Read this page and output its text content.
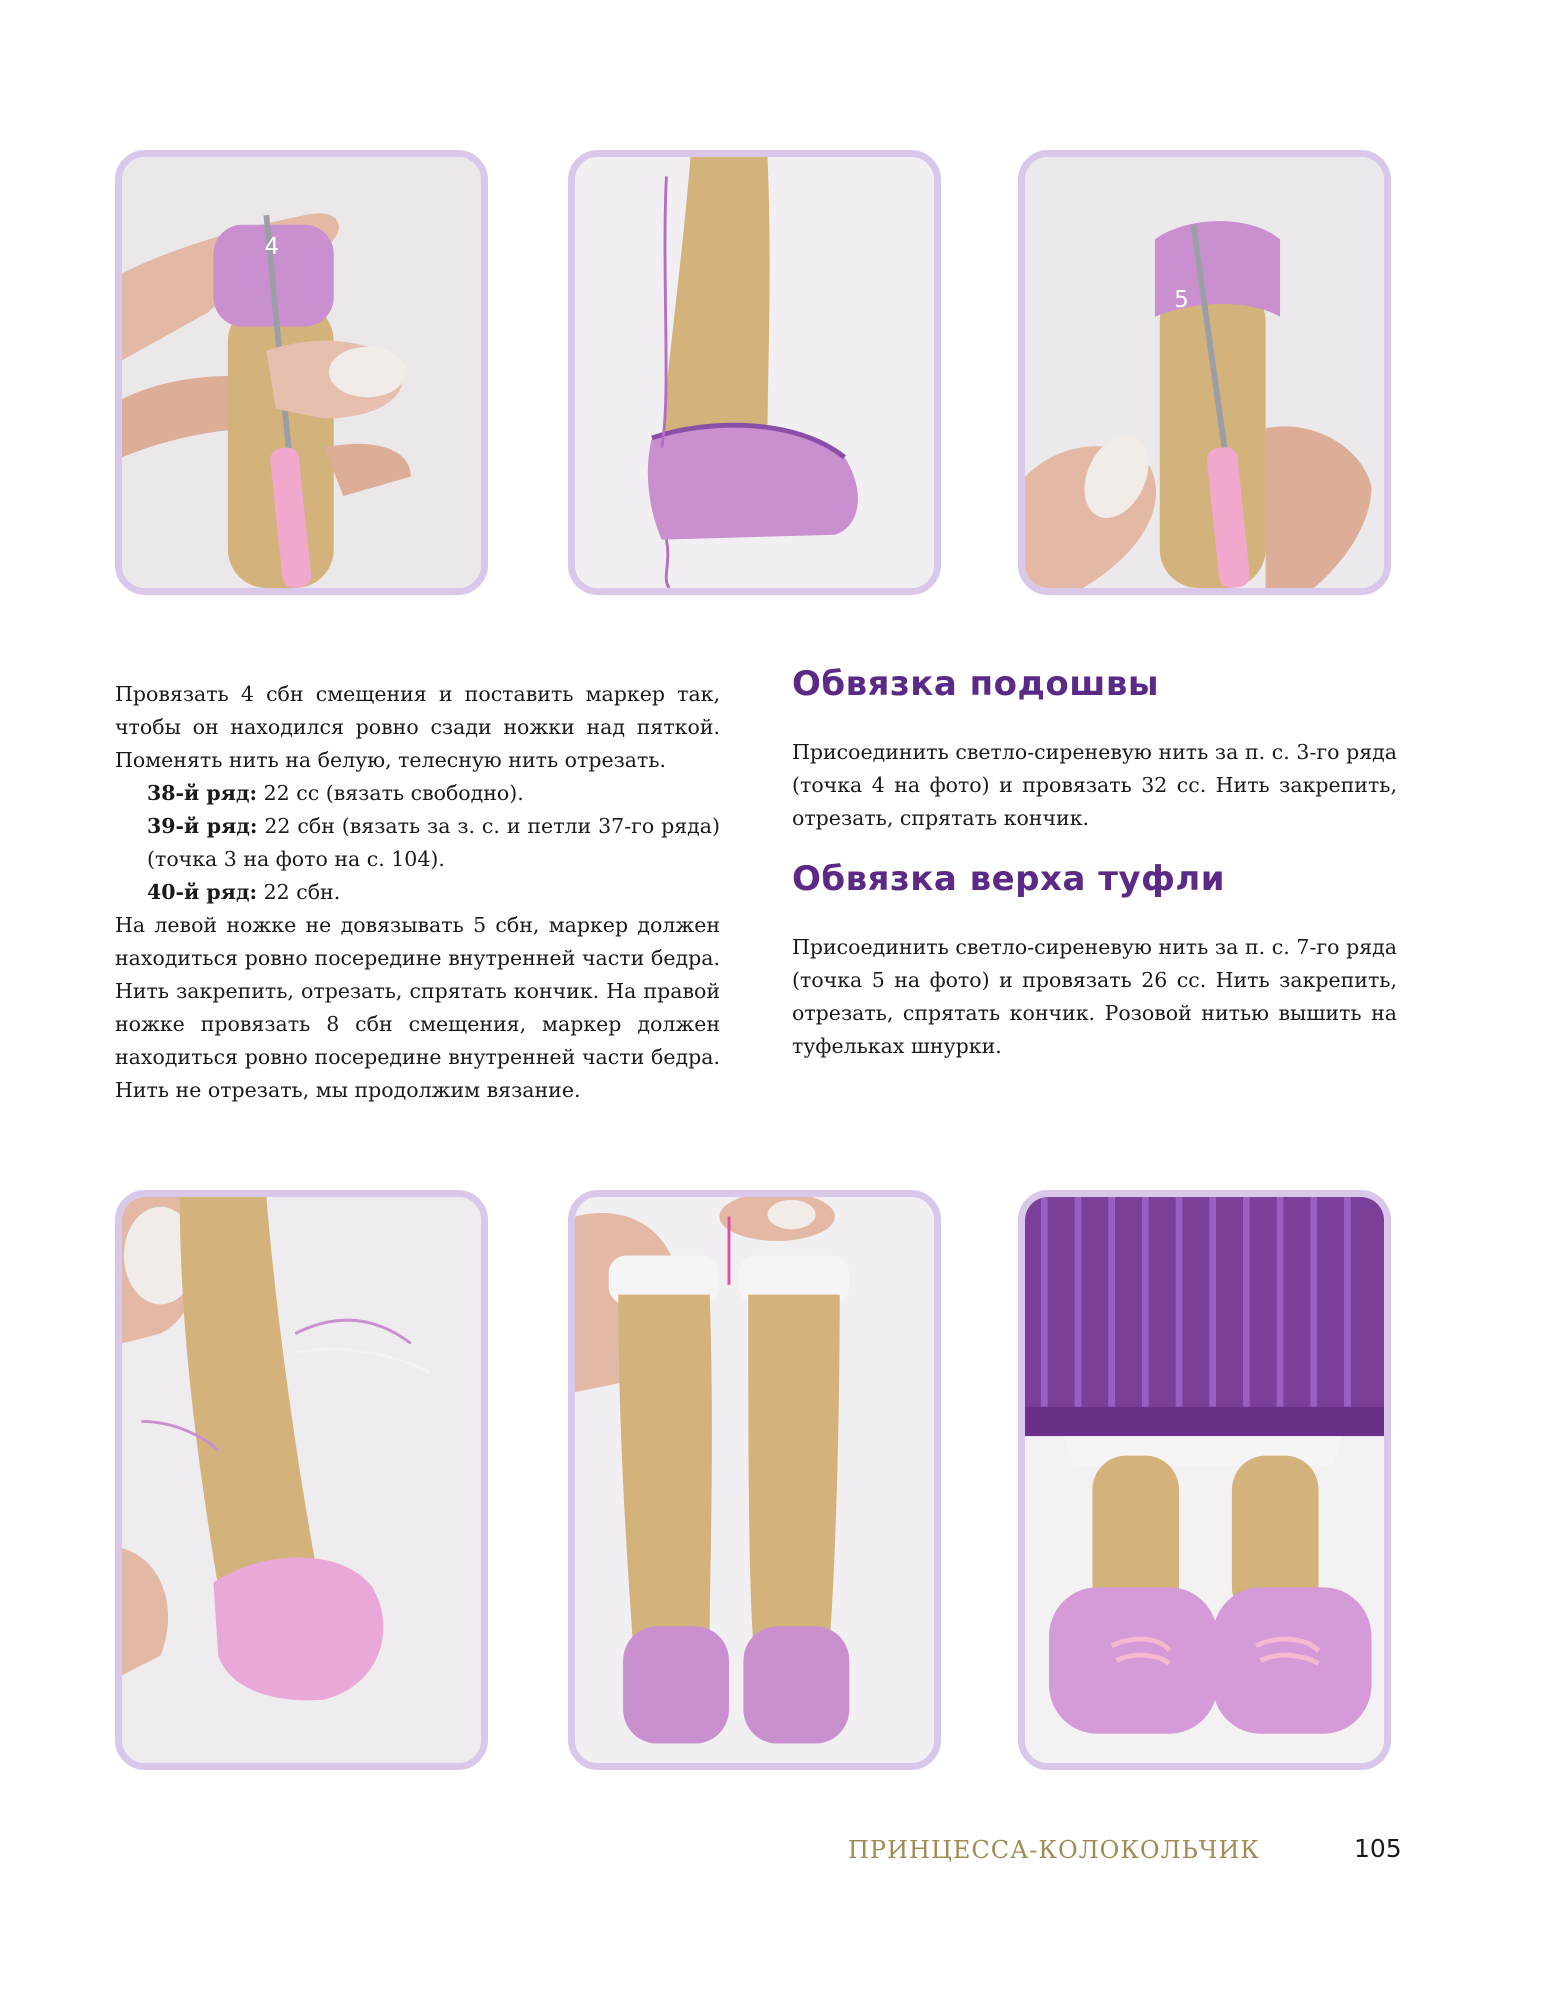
4
5

Провязать 4 сбн смещения и поставить маркер так, чтобы он находился ровно сзади ножки над пяткой. Поменять нить на белую, телесную нить отрезать.

38-й ряд: 22 сс (вязать свободно).

39-й ряд: 22 сбн (вязать за з. с. и петли 37-го ряда) (точка 3 на фото на с. 104).

40-й ряд: 22 сбн.

На левой ножке не довязывать 5 сбн, маркер должен находиться ровно посередине внутренней части бедра. Нить закрепить, отрезать, спрятать кончик. На правой ножке провязать 8 сбн смещения, маркер должен находиться ровно посередине внутренней части бедра. Нить не отрезать, мы продолжим вязание.

Обвязка подошвы

Присоединить светло-сиреневую нить за п. с. 3-го ряда (точка 4 на фото) и провязать 32 сс. Нить закрепить, отрезать, спрятать кончик.

Обвязка верха туфли

Присоединить светло-сиреневую нить за п. с. 7-го ряда (точка 5 на фото) и провязать 26 сс. Нить закрепить, отрезать, спрятать кончик. Розовой нитью вышить на туфельках шнурки.

ПРИНЦЕССА-КОЛОКОЛЬЧИК	105
